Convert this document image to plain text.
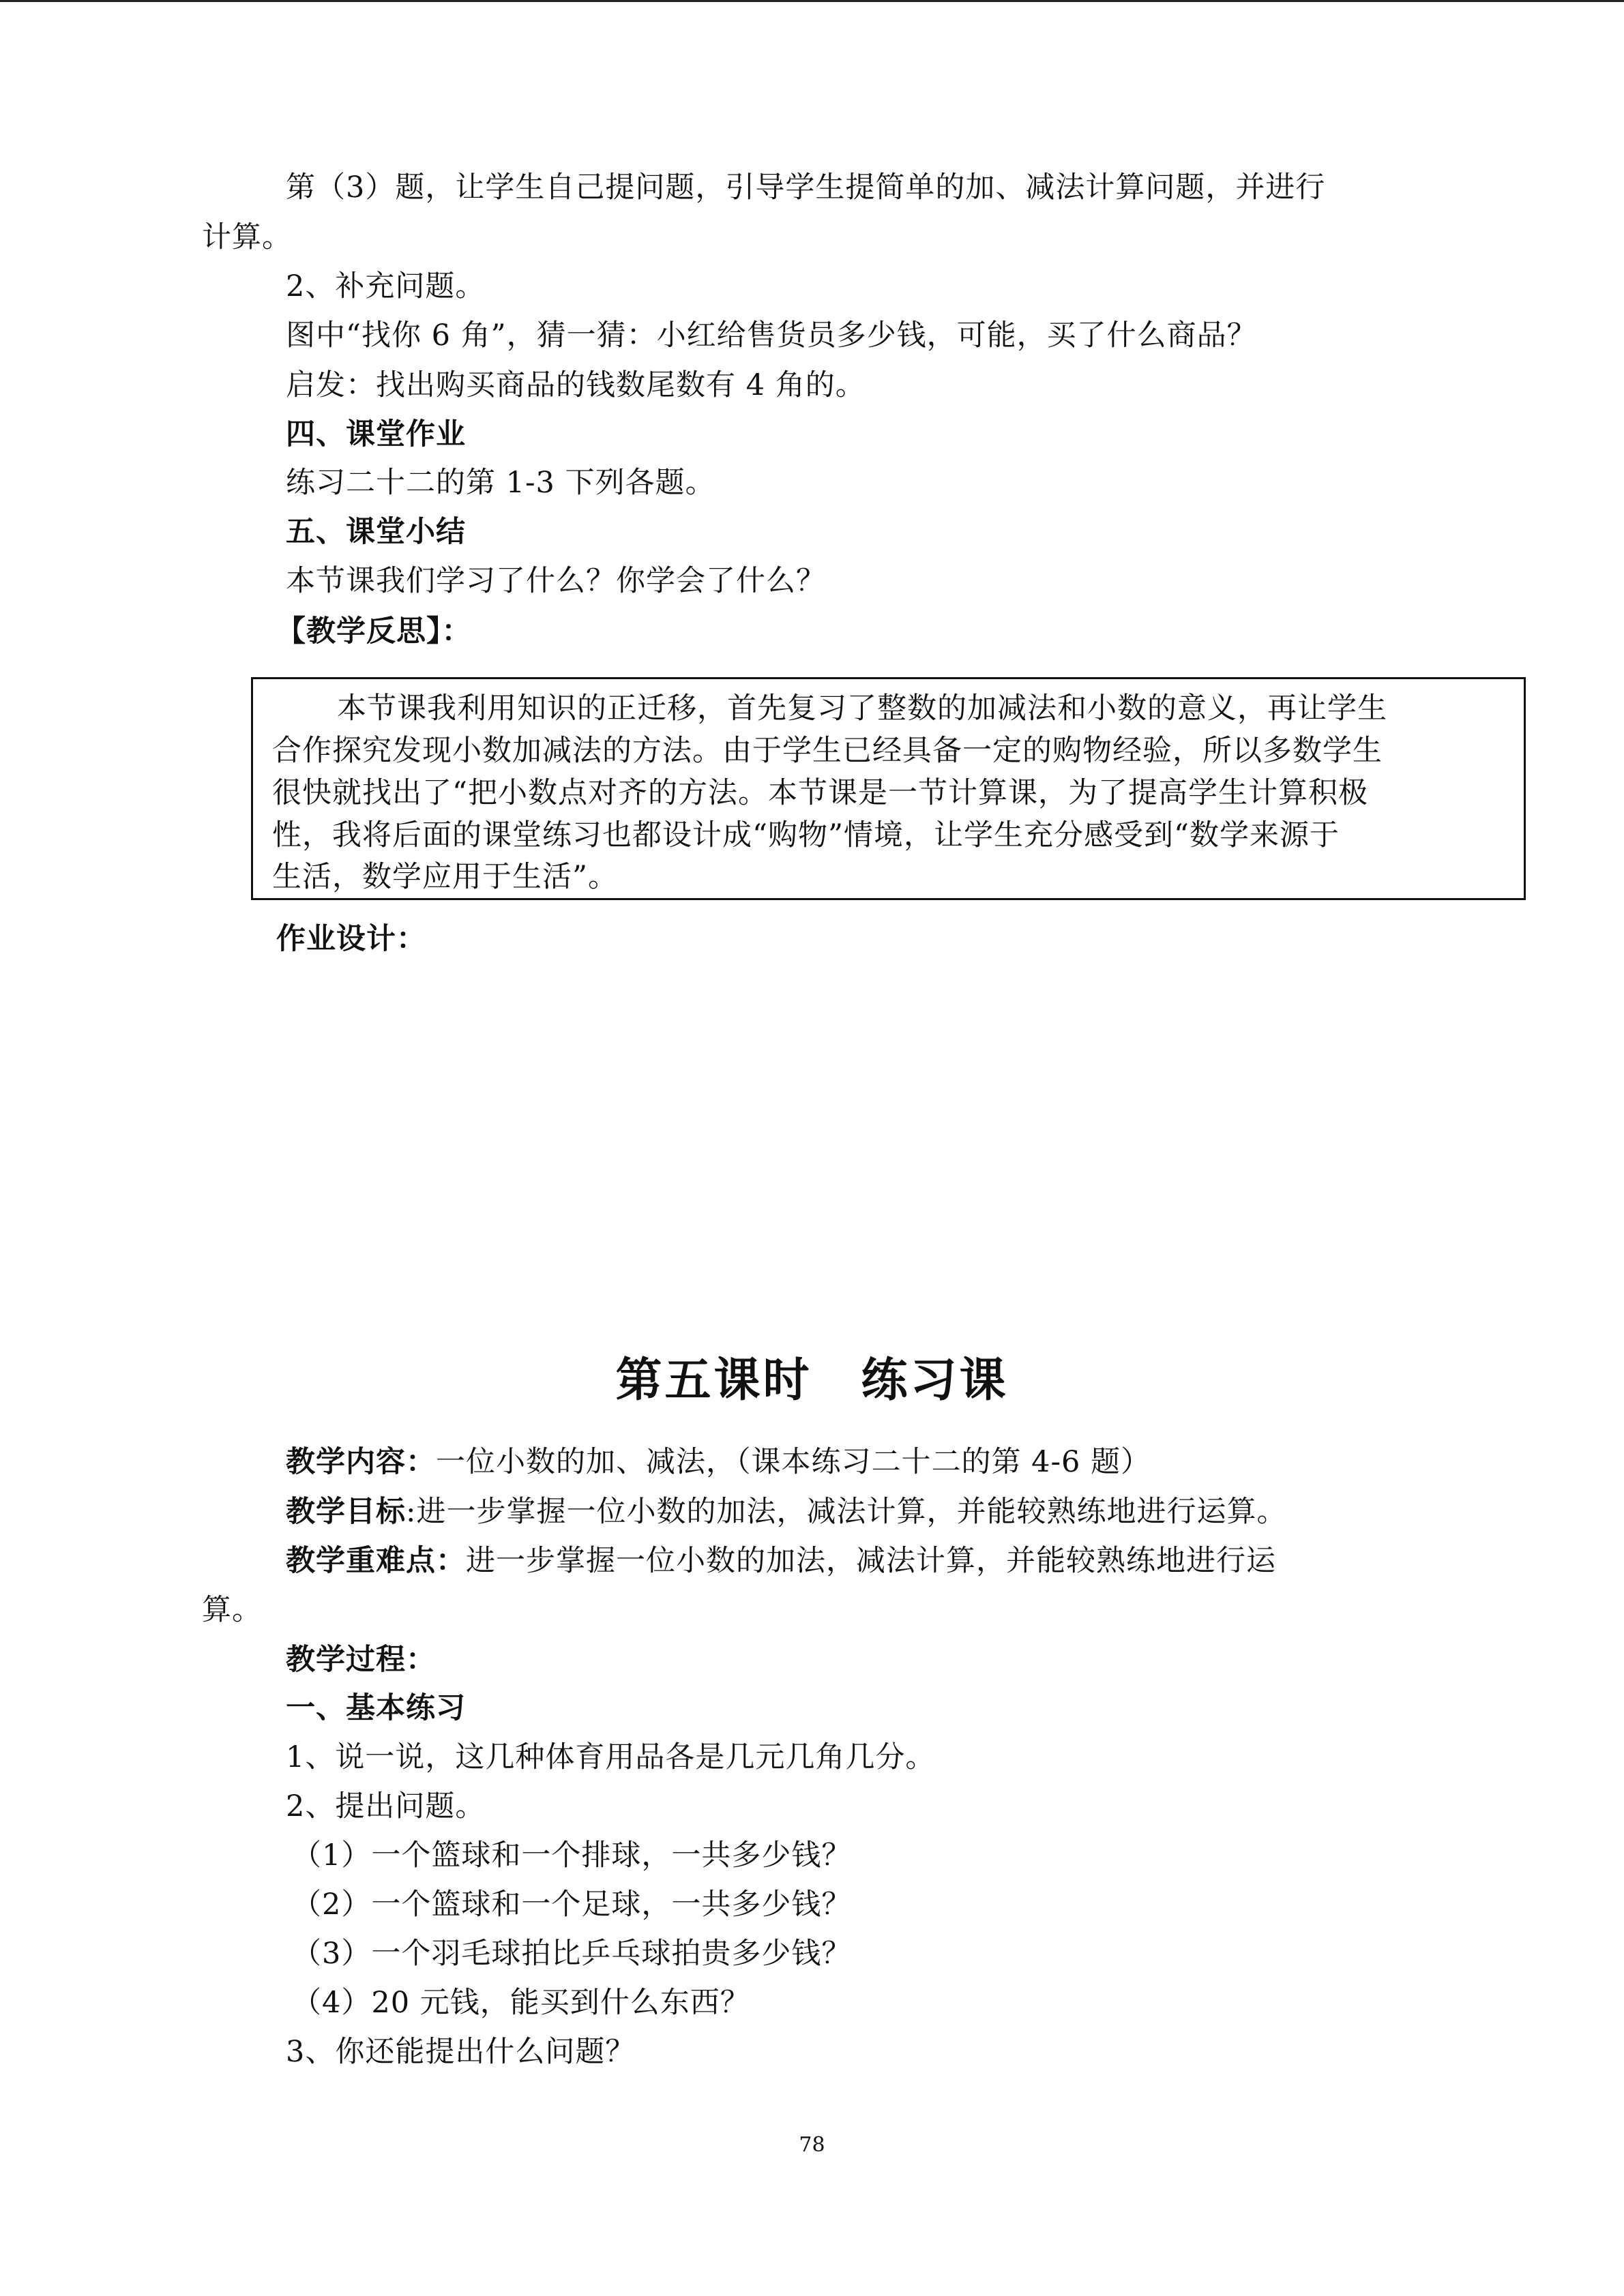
第（3）题，让学生自己提问题，引导学生提简单的加、减法计算问题，并进行
计算。
2、补充问题。
图中“找你 6 角”，猜一猜：小红给售货员多少钱，可能，买了什么商品？
启发：找出购买商品的钱数尾数有 4 角的。
四、课堂作业
练习二十二的第 1-3 下列各题。
五、课堂小结
本节课我们学习了什么？你学会了什么？
【教学反思】：
本节课我利用知识的正迁移，首先复习了整数的加减法和小数的意义，再让学生
合作探究发现小数加减法的方法。由于学生已经具备一定的购物经验，所以多数学生
很快就找出了“把小数点对齐的方法。本节课是一节计算课，为了提高学生计算积极
性，我将后面的课堂练习也都设计成“购物”情境，让学生充分感受到“数学来源于
生活，数学应用于生活”。
作业设计：
第五课时　练习课
教学内容：一位小数的加、减法，（课本练习二十二的第 4-6 题）
教学目标:进一步掌握一位小数的加法，减法计算，并能较熟练地进行运算。
教学重难点：进一步掌握一位小数的加法，减法计算，并能较熟练地进行运
算。
教学过程：
一、基本练习
1、说一说，这几种体育用品各是几元几角几分。
2、提出问题。
（1）一个篮球和一个排球，一共多少钱？
（2）一个篮球和一个足球，一共多少钱？
（3）一个羽毛球拍比乒乓球拍贵多少钱？
（4）20 元钱，能买到什么东西？
3、你还能提出什么问题？
78
